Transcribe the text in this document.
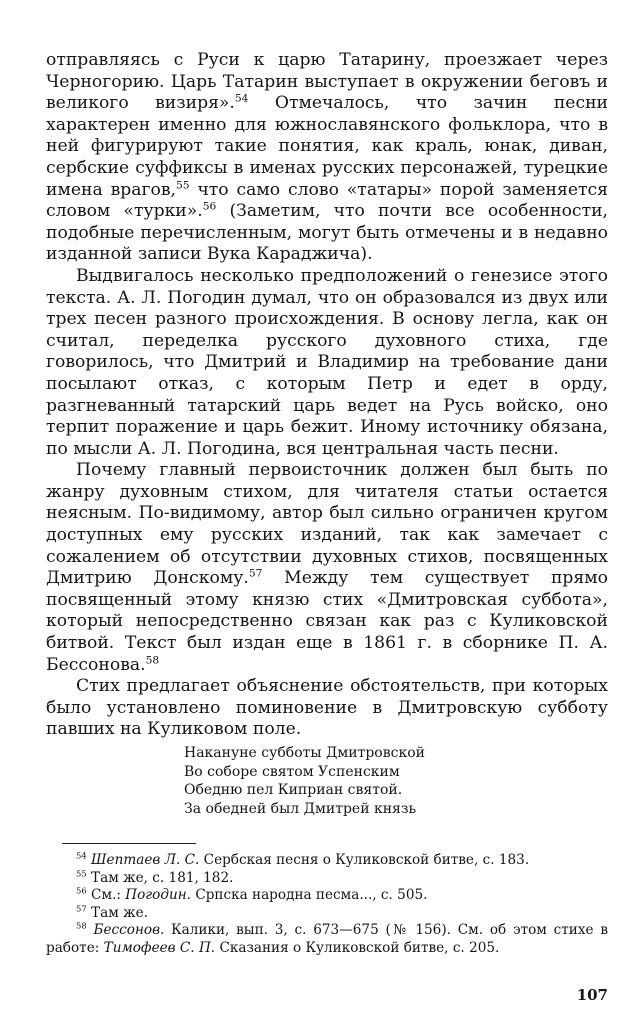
отправляясь с Руси к царю Татарину, проезжает через Черногорию. Царь Татарин выступает в окружении беговъ и великого визиря».$^{54}$ Отмечалось, что зачин песни характерен именно для южнославянского фольклора, что в ней фигурируют такие понятия, как краль, юнак, диван, сербские суффиксы в именах русских персонажей, турецкие имена врагов,$^{55}$ что само слово «татары» порой заменяется словом «турки».$^{56}$ (Заметим, что почти все особенности, подобные перечисленным, могут быть отмечены и в недавно изданной записи Вука Караджича).

Выдвигалось несколько предположений о генезисе этого текста. А. Л. Погодин думал, что он образовался из двух или трех песен разного происхождения. В основу легла, как он считал, переделка русского духовного стиха, где говорилось, что Дмитрий и Владимир на требование дани посылают отказ, с которым Петр и едет в орду, разгневанный татарский царь ведет на Русь войско, оно терпит поражение и царь бежит. Иному источнику обязана, по мысли А. Л. Погодина, вся центральная часть песни.

Почему главный первоисточник должен был быть по жанру духовным стихом, для читателя статьи остается неясным. По-видимому, автор был сильно ограничен кругом доступных ему русских изданий, так как замечает с сожалением об отсутствии духовных стихов, посвященных Дмитрию Донскому.$^{57}$ Между тем существует прямо посвященный этому князю стих «Дмитровская суббота», который непосредственно связан как раз с Куликовской битвой. Текст был издан еще в 1861 г. в сборнике П. А. Бессонова.$^{58}$

Стих предлагает объяснение обстоятельств, при которых было установлено поминовение в Дмитровскую субботу павших на Куликовом поле.

Накануне субботы Дмитровской
Во соборе святом Успенским
Обедню пел Киприан святой.
За обедней был Дмитрей князь
$^{54}$ Шептаев Л. С. Сербская песня о Куликовской битве, с. 183.
$^{55}$ Там же, с. 181, 182.
$^{56}$ См.: Погодин. Српска народна песма..., с. 505.
$^{57}$ Там же.
$^{58}$ Бессонов. Калики, вып. 3, с. 673—675 (№ 156). См. об этом стихе в работе: Тимофеев С. П. Сказания о Куликовской битве, с. 205.
107
